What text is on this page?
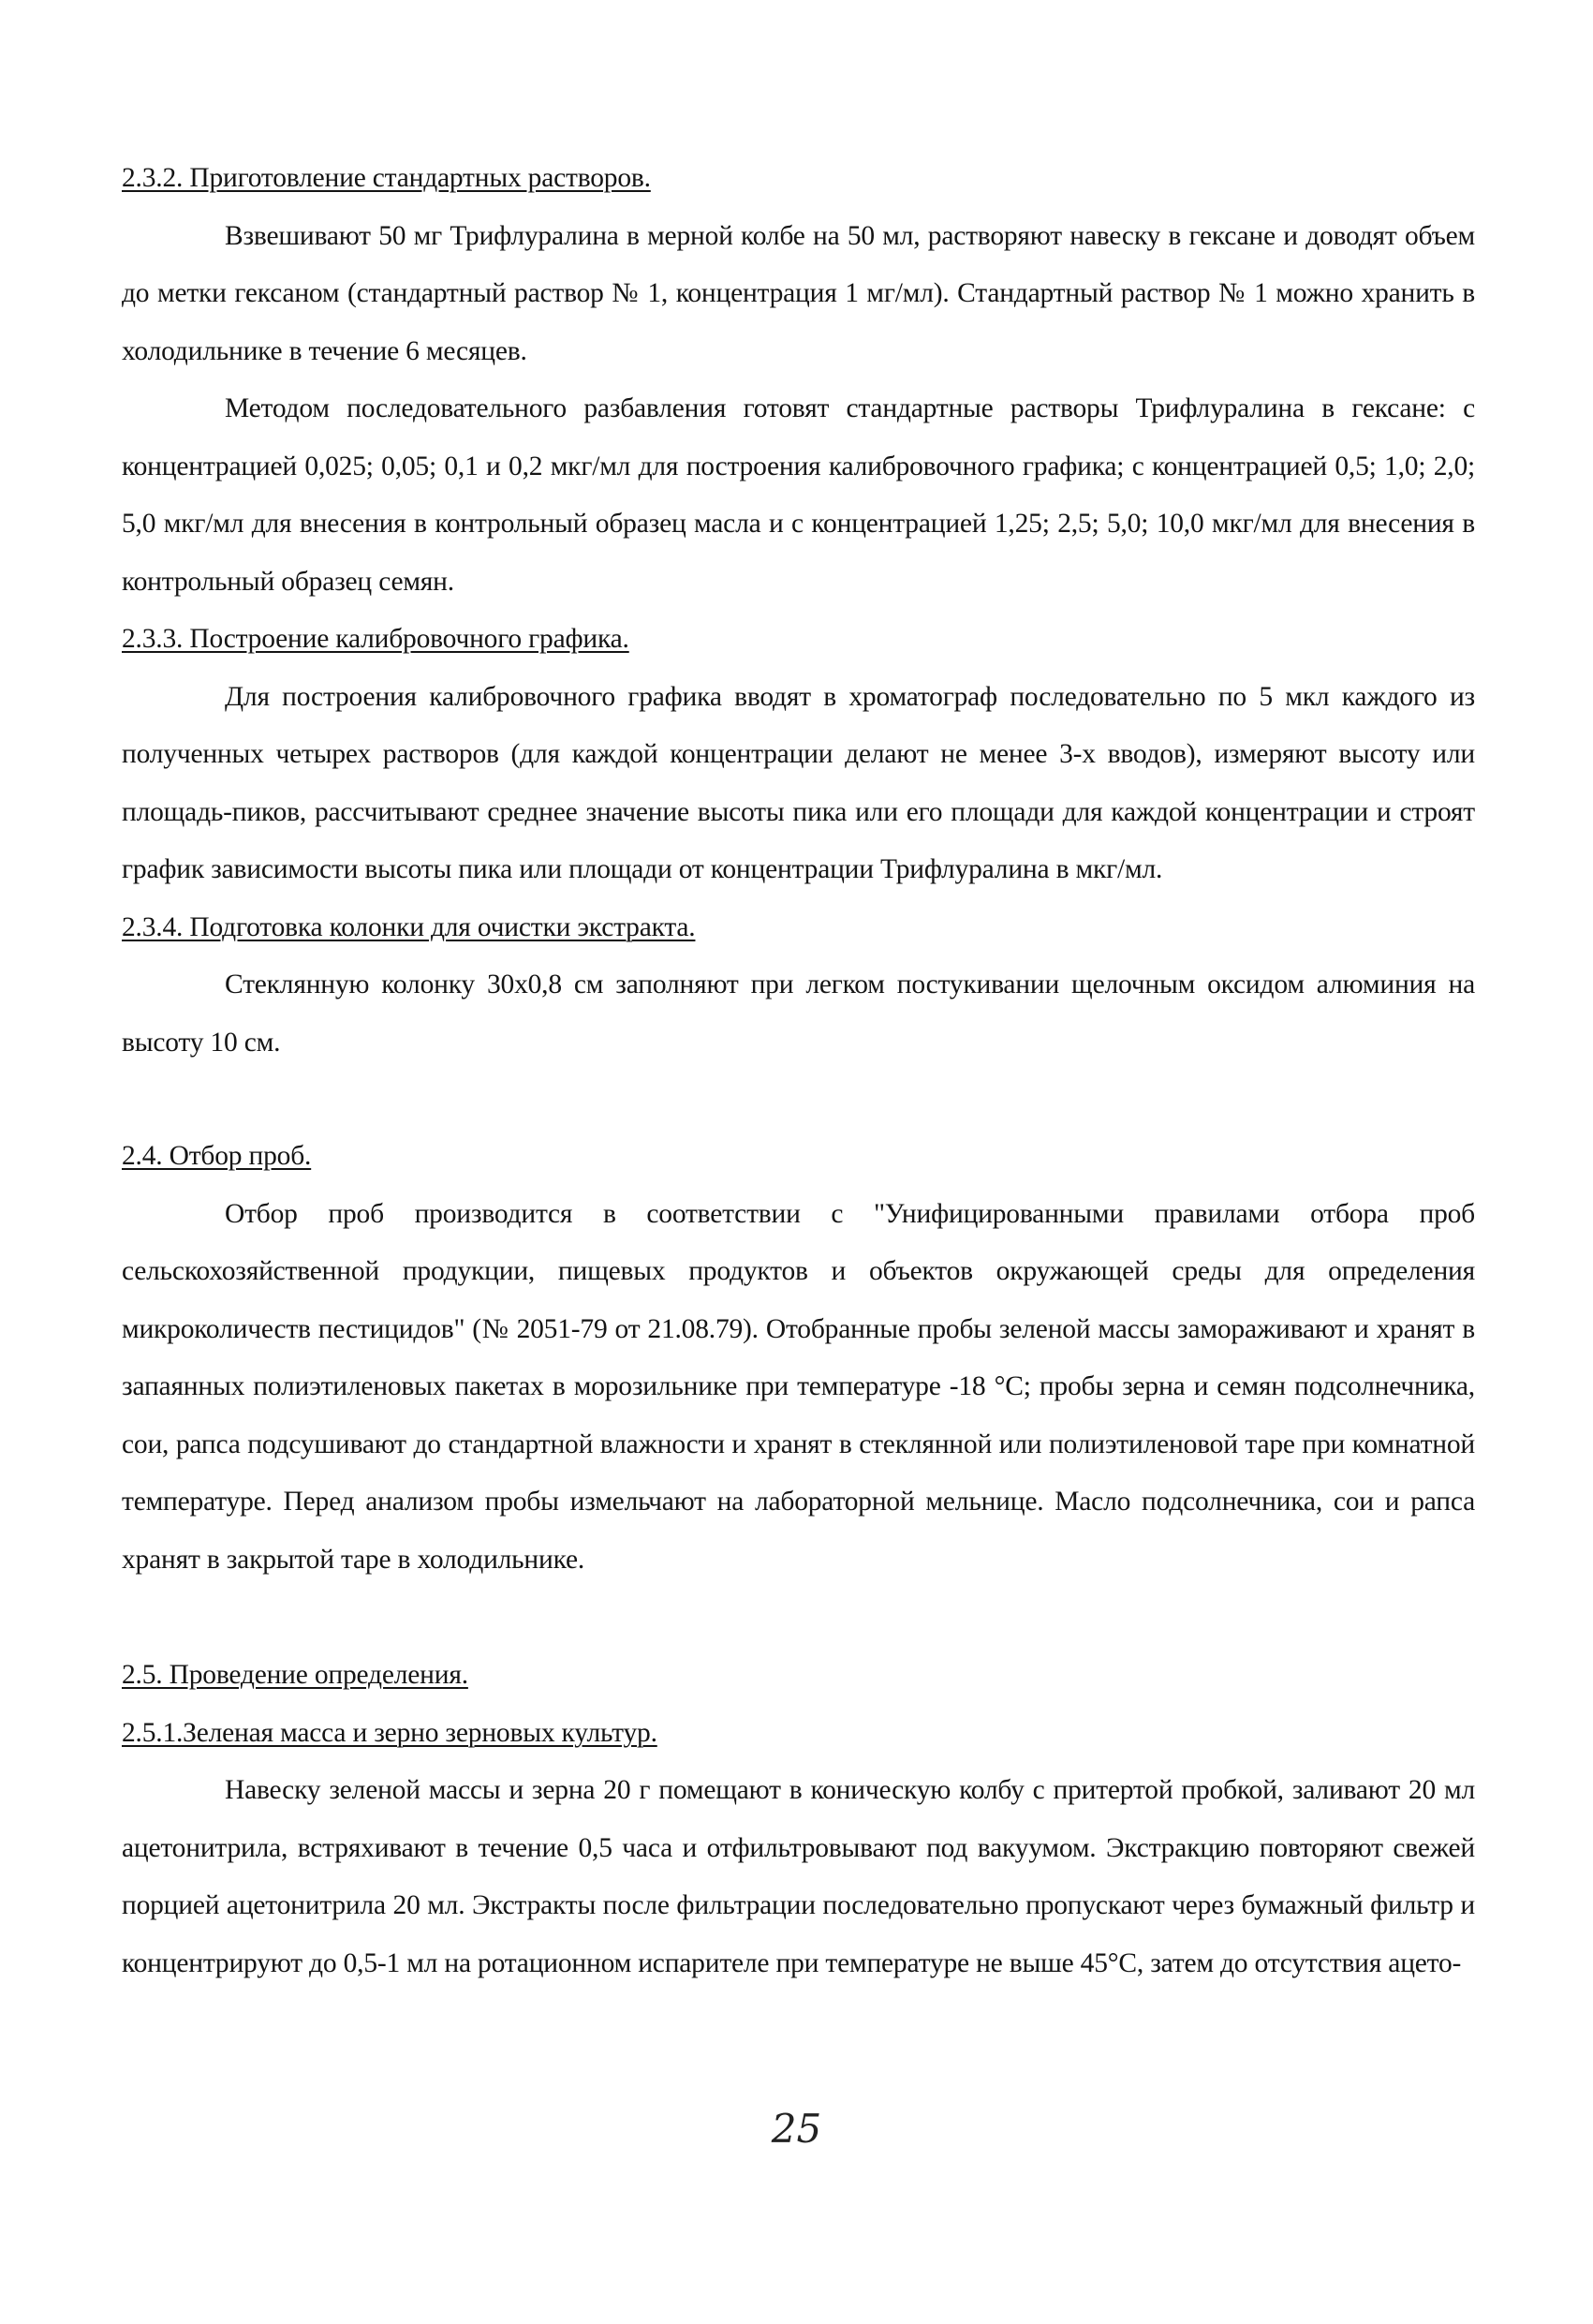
2.3.2. Приготовление стандартных растворов.

Взвешивают 50 мг Трифлуралина в мерной колбе на 50 мл, растворяют навеску в гексане и доводят объем до метки гексаном (стандартный раствор № 1, концентрация 1 мг/мл). Стандартный раствор № 1 можно хранить в холодильнике в течение 6 месяцев.

Методом последовательного разбавления готовят стандартные растворы Трифлуралина в гексане: с концентрацией 0,025; 0,05; 0,1 и 0,2 мкг/мл для построения калибровочного графика; с концентрацией 0,5; 1,0; 2,0; 5,0 мкг/мл для внесения в контрольный образец масла и с концентрацией 1,25; 2,5; 5,0; 10,0 мкг/мл для внесения в контрольный образец семян.

2.3.3. Построение калибровочного графика.

Для построения калибровочного графика вводят в хроматограф последовательно по 5 мкл каждого из полученных четырех растворов (для каждой концентрации делают не менее 3-х вводов), измеряют высоту или площадь-пиков, рассчитывают среднее значение высоты пика или его площади для каждой концентрации и строят график зависимости высоты пика или площади от концентрации Трифлуралина в мкг/мл.

2.3.4. Подготовка колонки для очистки экстракта.

Стеклянную колонку 30х0,8 см заполняют при легком постукивании щелочным оксидом алюминия на высоту 10 см.

2.4. Отбор проб.

Отбор проб производится в соответствии с "Унифицированными правилами отбора проб сельскохозяйственной продукции, пищевых продуктов и объектов окружающей среды для определения микроколичеств пестицидов" (№ 2051-79 от 21.08.79). Отобранные пробы зеленой массы замораживают и хранят в запаянных полиэтиленовых пакетах в морозильнике при температуре -18 °С; пробы зерна и семян подсолнечника, сои, рапса подсушивают до стандартной влажности и хранят в стеклянной или полиэтиленовой таре при комнатной температуре. Перед анализом пробы измельчают на лабораторной мельнице. Масло подсолнечника, сои и рапса хранят в закрытой таре в холодильнике.

2.5. Проведение определения.
2.5.1.Зеленая масса и зерно зерновых культур.

Навеску зеленой массы и зерна 20 г помещают в коническую колбу с притертой пробкой, заливают 20 мл ацетонитрила, встряхивают в течение 0,5 часа и отфильтровывают под вакуумом. Экстракцию повторяют свежей порцией ацетонитрила 20 мл. Экстракты после фильтрации последовательно пропускают через бумажный фильтр и концентрируют до 0,5-1 мл на ротационном испарителе при температуре не выше 45°С, затем до отсутствия ацето-

25
